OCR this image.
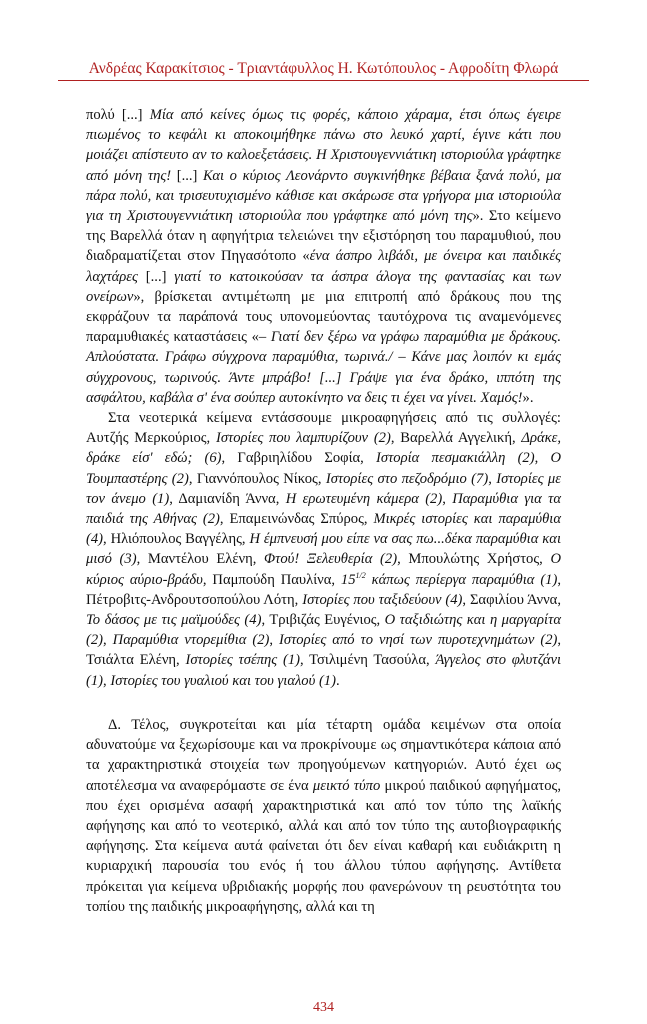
Ανδρέας Καρακίτσιος - Τριαντάφυλλος Η. Κωτόπουλος - Αφροδίτη Φλωρά

πολύ [...] Μία από κείνες όμως τις φορές, κάποιο χάραμα, έτσι όπως έγειρε πιωμένος το κεφάλι κι αποκοιμήθηκε πάνω στο λευκό χαρτί, έγινε κάτι που μοιάζει απίστευτο αν το καλοεξετάσεις. Η Χριστουγεννιάτικη ιστοριούλα γράφτηκε από μόνη της! [...] Και ο κύριος Λεονάρντο συγκινήθηκε βέβαια ξανά πολύ, μα πάρα πολύ, και τρισευτυχισμένο κάθισε και σκάρωσε στα γρήγορα μια ιστοριούλα για τη Χριστουγεννιάτικη ιστοριούλα που γράφτηκε από μόνη της». Στο κείμενο της Βαρελλά όταν η αφηγήτρια τελειώνει την εξιστόρηση του παραμυθιού, που διαδραματίζεται στον Πηγασότοπο «ένα άσπρο λιβάδι, με όνειρα και παιδικές λαχτάρες [...] γιατί το κατοικούσαν τα άσπρα άλογα της φαντασίας και των ονείρων», βρίσκεται αντιμέτωπη με μια επιτροπή από δράκους που της εκφράζουν τα παράπονά τους υπονομεύοντας ταυτόχρονα τις αναμενόμενες παραμυθιακές καταστάσεις «– Γιατί δεν ξέρω να γράφω παραμύθια με δράκους. Απλούστατα. Γράφω σύγχρονα παραμύθια, τωρινά./ – Κάνε μας λοιπόν κι εμάς σύγχρονους, τωρινούς. Άντε μπράβο! [...] Γράψε για ένα δράκο, ιππότη της ασφάλτου, καβάλα σ' ένα σούπερ αυτοκίνητο να δεις τι έχει να γίνει. Χαμός!».

Στα νεοτερικά κείμενα εντάσσουμε μικροαφηγήσεις από τις συλλογές: Αυτζής Μερκούριος, Ιστορίες που λαμπυρίζουν (2), Βαρελλά Αγγελική, Δράκε, δράκε είσ' εδώ; (6), Γαβριηλίδου Σοφία, Ιστορία πεσμακιάλλη (2), Ο Τουμπαστέρης (2), Γιαννόπουλος Νίκος, Ιστορίες στο πεζοδρόμιο (7), Ιστορίες με τον άνεμο (1), Δαμιανίδη Άννα, Η ερωτευμένη κάμερα (2), Παραμύθια για τα παιδιά της Αθήνας (2), Επαμεινώνδας Σπύρος, Μικρές ιστορίες και παραμύθια (4), Ηλιόπουλος Βαγγέλης, Η έμπνευσή μου είπε να σας πω...δέκα παραμύθια και μισό (3), Μαντέλου Ελένη, Φτού! Ξελευθερία (2), Μπουλώτης Χρήστος, Ο κύριος αύριο-βράδυ, Παμπούδη Παυλίνα, $15^{1/2}$ κάπως περίεργα παραμύθια (1), Πέτροβιτς-Ανδρουτσοπούλου Λότη, Ιστορίες που ταξιδεύουν (4), Σαφιλίου Άννα, Το δάσος με τις μαϊμούδες (4), Τριβιζάς Ευγένιος, Ο ταξιδιώτης και η μαργαρίτα (2), Παραμύθια ντορεμίθια (2), Ιστορίες από το νησί των πυροτεχνημάτων (2), Τσιάλτα Ελένη, Ιστορίες τσέπης (1), Τσιλιμένη Τασούλα, Άγγελος στο φλυτζάνι (1), Ιστορίες του γυαλιού και του γιαλού (1).

Δ. Τέλος, συγκροτείται και μία τέταρτη ομάδα κειμένων στα οποία αδυνατούμε να ξεχωρίσουμε και να προκρίνουμε ως σημαντικότερα κάποια από τα χαρακτηριστικά στοιχεία των προηγούμενων κατηγοριών. Αυτό έχει ως αποτέλεσμα να αναφερόμαστε σε ένα μεικτό τύπο μικρού παιδικού αφηγήματος, που έχει ορισμένα ασαφή χαρακτηριστικά και από τον τύπο της λαϊκής αφήγησης και από το νεοτερικό, αλλά και από τον τύπο της αυτοβιογραφικής αφήγησης. Στα κείμενα αυτά φαίνεται ότι δεν είναι καθαρή και ευδιάκριτη η κυριαρχική παρουσία του ενός ή του άλλου τύπου αφήγησης. Αντίθετα πρόκειται για κείμενα υβριδιακής μορφής που φανερώνουν τη ρευστότητα του τοπίου της παιδικής μικροαφήγησης, αλλά και τη

434
